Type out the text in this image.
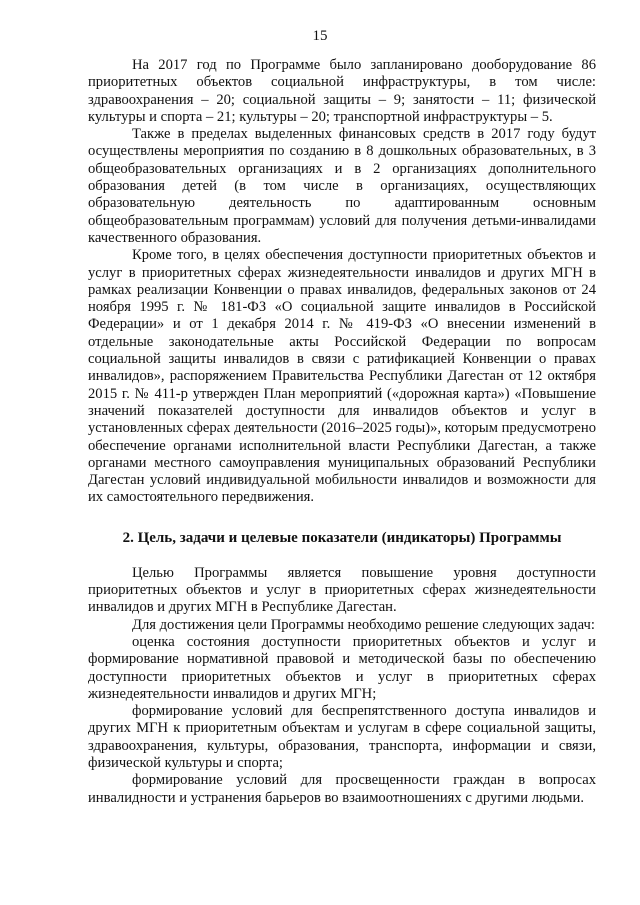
15

На 2017 год по Программе было запланировано дооборудование 86 приоритетных объектов социальной инфраструктуры, в том числе: здравоохранения – 20; социальной защиты – 9; занятости – 11; физической культуры и спорта – 21; культуры – 20; транспортной инфраструктуры – 5.

Также в пределах выделенных финансовых средств в 2017 году будут осуществлены мероприятия по созданию в 8 дошкольных образовательных, в 3 общеобразовательных организациях и в 2 организациях дополнительного образования детей (в том числе в организациях, осуществляющих образовательную деятельность по адаптированным основным общеобразовательным программам) условий для получения детьми-инвалидами качественного образования.

Кроме того, в целях обеспечения доступности приоритетных объектов и услуг в приоритетных сферах жизнедеятельности инвалидов и других МГН в рамках реализации Конвенции о правах инвалидов, федеральных законов от 24 ноября 1995 г. № 181-ФЗ «О социальной защите инвалидов в Российской Федерации» и от 1 декабря 2014 г. № 419-ФЗ «О внесении изменений в отдельные законодательные акты Российской Федерации по вопросам социальной защиты инвалидов в связи с ратификацией Конвенции о правах инвалидов», распоряжением Правительства Республики Дагестан от 12 октября 2015 г. № 411-р утвержден План мероприятий («дорожная карта») «Повышение значений показателей доступности для инвалидов объектов и услуг в установленных сферах деятельности (2016–2025 годы)», которым предусмотрено обеспечение органами исполнительной власти Республики Дагестан, а также органами местного самоуправления муниципальных образований Республики Дагестан условий индивидуальной мобильности инвалидов и возможности для их самостоятельного передвижения.

2. Цель, задачи и целевые показатели (индикаторы) Программы

Целью Программы является повышение уровня доступности приоритетных объектов и услуг в приоритетных сферах жизнедеятельности инвалидов и других МГН в Республике Дагестан.

Для достижения цели Программы необходимо решение следующих задач:

оценка состояния доступности приоритетных объектов и услуг и формирование нормативной правовой и методической базы по обеспечению доступности приоритетных объектов и услуг в приоритетных сферах жизнедеятельности инвалидов и других МГН;

формирование условий для беспрепятственного доступа инвалидов и других МГН к приоритетным объектам и услугам в сфере социальной защиты, здравоохранения, культуры, образования, транспорта, информации и связи, физической культуры и спорта;

формирование условий для просвещенности граждан в вопросах инвалидности и устранения барьеров во взаимоотношениях с другими людьми.
